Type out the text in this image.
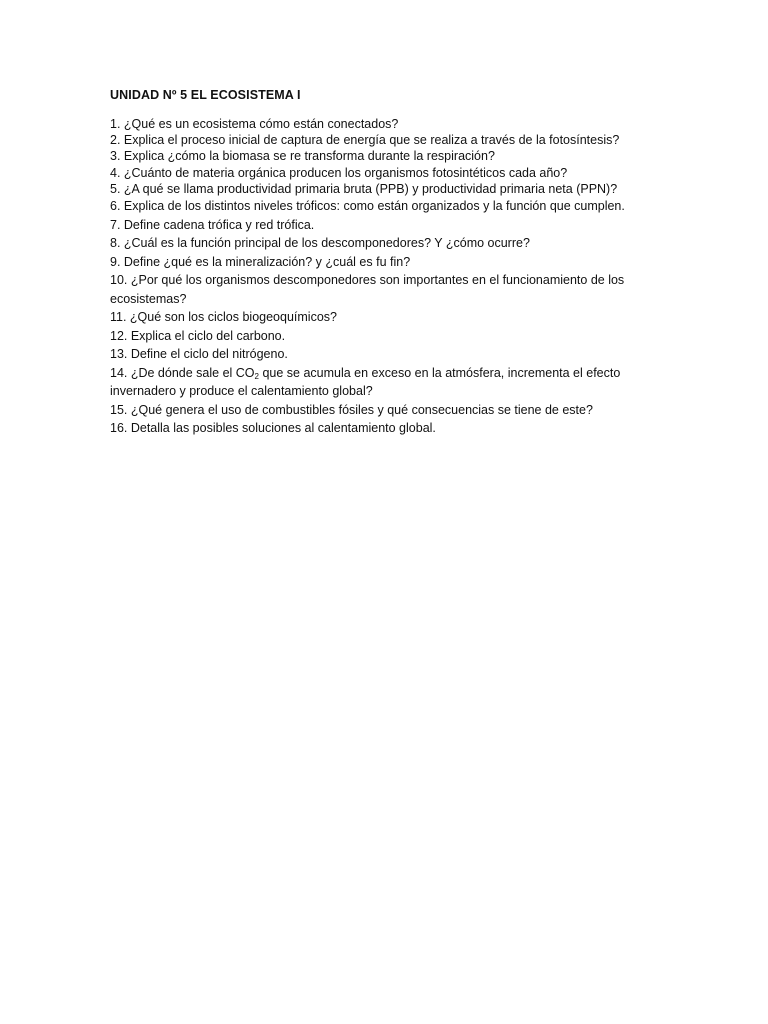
UNIDAD Nº 5 EL ECOSISTEMA I
1. ¿Qué es un ecosistema cómo están conectados?
2. Explica el proceso inicial de captura de energía que se realiza a través de la fotosíntesis?
3. Explica ¿cómo la biomasa se re transforma durante la respiración?
4. ¿Cuánto de materia orgánica producen los organismos fotosintéticos cada año?
5. ¿A qué se llama productividad primaria bruta (PPB) y productividad primaria neta (PPN)?
6. Explica de los distintos niveles tróficos: como están organizados y la función que cumplen.
7. Define cadena trófica y red trófica.
8. ¿Cuál es la función principal de los descomponedores? Y ¿cómo ocurre?
9. Define ¿qué es la mineralización? y ¿cuál es fu fin?
10. ¿Por qué los organismos descomponedores son importantes en el funcionamiento de los ecosistemas?
11. ¿Qué son los ciclos biogeoquímicos?
12. Explica el ciclo del carbono.
13. Define el ciclo del nitrógeno.
14. ¿De dónde sale el $CO_2$ que se acumula en exceso en la atmósfera, incrementa el efecto invernadero y produce el calentamiento global?
15. ¿Qué genera el uso de combustibles fósiles y qué consecuencias se tiene de este?
16. Detalla las posibles soluciones al calentamiento global.
